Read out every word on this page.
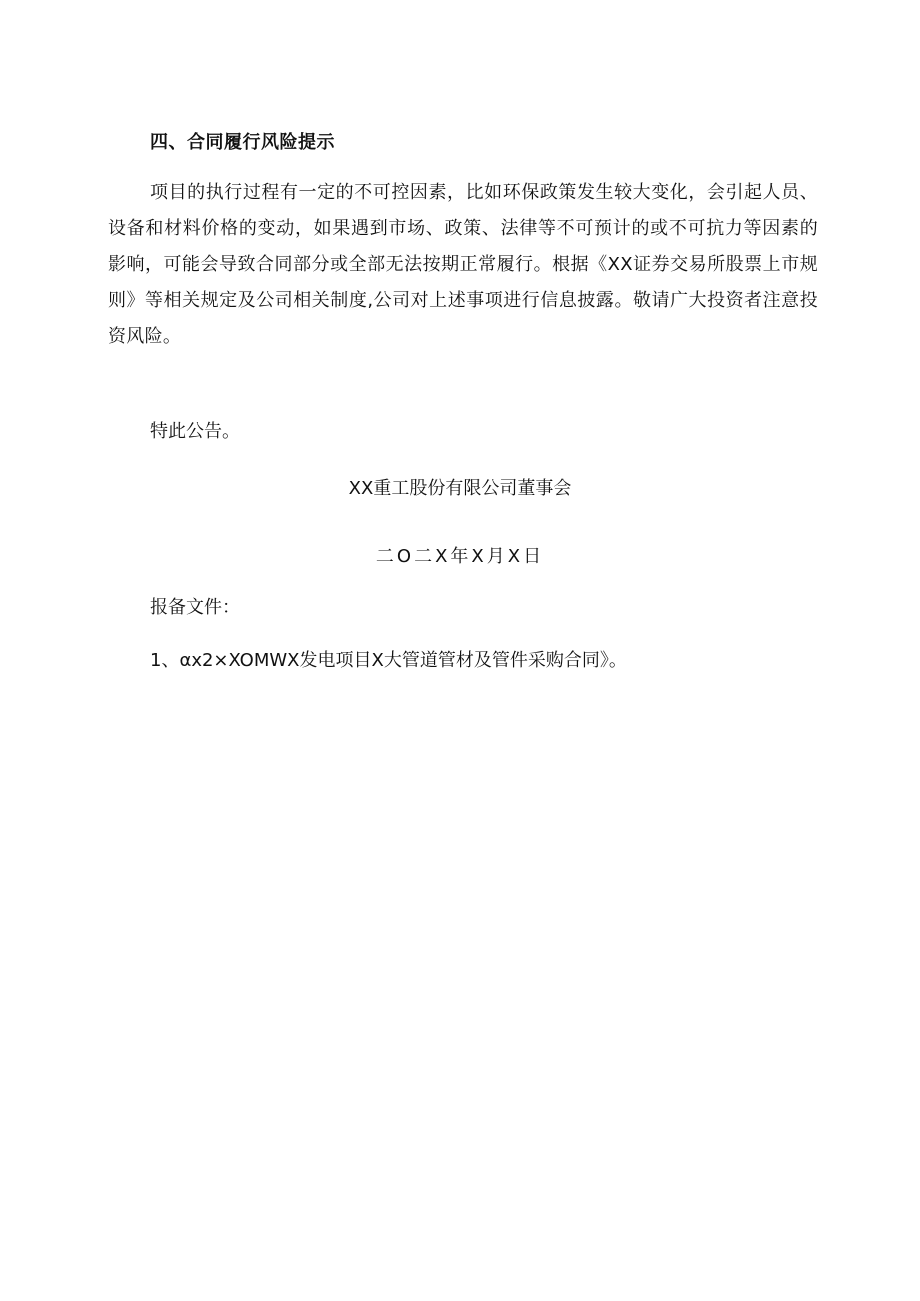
四、合同履行风险提示
项目的执行过程有一定的不可控因素，比如环保政策发生较大变化，会引起人员、设备和材料价格的变动，如果遇到市场、政策、法律等不可预计的或不可抗力等因素的影响，可能会导致合同部分或全部无法按期正常履行。根据《XX证券交易所股票上市规则》等相关规定及公司相关制度,公司对上述事项进行信息披露。敬请广大投资者注意投资风险。
特此公告。
XX重工股份有限公司董事会
二O二X年X月X日
报备文件：
1、αx2×XOMWX发电项目X大管道管材及管件采购合同》。
